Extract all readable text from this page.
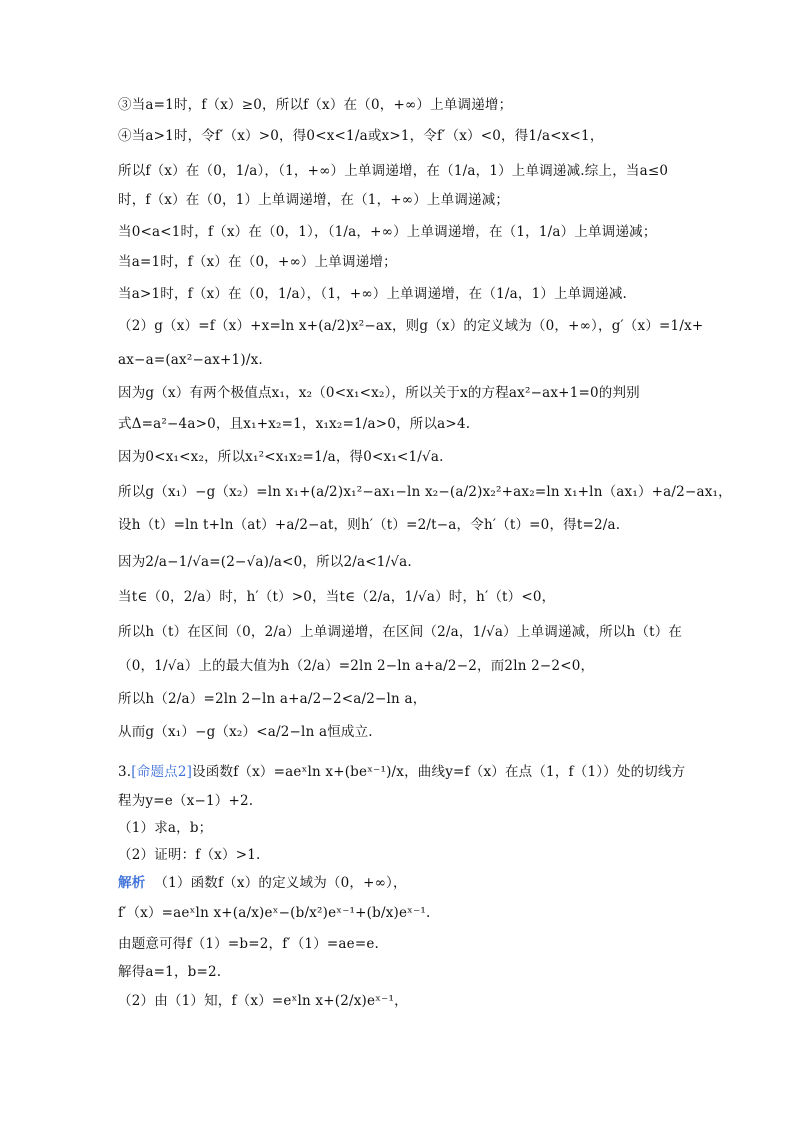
③当a=1时，f（x）≥0，所以f（x）在（0，+∞）上单调递增；
④当a>1时，令f′（x）>0，得0<x<1/a或x>1，令f′（x）<0，得1/a<x<1，
所以f（x）在（0，1/a），（1，+∞）上单调递增，在（1/a，1）上单调递减.综上，当a≤0
时，f（x）在（0，1）上单调递增，在（1，+∞）上单调递减；
当0<a<1时，f（x）在（0，1），（1/a，+∞）上单调递增，在（1，1/a）上单调递减；
当a=1时，f（x）在（0，+∞）上单调递增；
当a>1时，f（x）在（0，1/a），（1，+∞）上单调递增，在（1/a，1）上单调递减.
（2）g（x）=f（x）+x=ln x+(a/2)x²−ax，则g（x）的定义域为（0，+∞），g′（x）=1/x+
ax−a=(ax²−ax+1)/x.
因为g（x）有两个极值点x₁，x₂（0<x₁<x₂），所以关于x的方程ax²−ax+1=0的判别
式Δ=a²−4a>0，且x₁+x₂=1，x₁x₂=1/a>0，所以a>4.
因为0<x₁<x₂，所以x₁²<x₁x₂=1/a，得0<x₁<1/√a.
所以g（x₁）−g（x₂）=ln x₁+(a/2)x₁²−ax₁−ln x₂−(a/2)x₂²+ax₂=ln x₁+ln（ax₁）+a/2−ax₁，
设h（t）=ln t+ln（at）+a/2−at，则h′（t）=2/t−a，令h′（t）=0，得t=2/a.
因为2/a−1/√a=(2−√a)/a<0，所以2/a<1/√a.
当t∈（0，2/a）时，h′（t）>0，当t∈（2/a，1/√a）时，h′（t）<0，
所以h（t）在区间（0，2/a）上单调递增，在区间（2/a，1/√a）上单调递减，所以h（t）在
（0，1/√a）上的最大值为h（2/a）=2ln 2−ln a+a/2−2，而2ln 2−2<0，
所以h（2/a）=2ln 2−ln a+a/2−2<a/2−ln a，
从而g（x₁）−g（x₂）<a/2−ln a恒成立.
3.[命题点2]设函数f（x）=aeˣln x+(beˣ⁻¹)/x，曲线y=f（x）在点（1，f（1））处的切线方
程为y=e（x−1）+2.
（1）求a，b；
（2）证明：f（x）>1.
解析 （1）函数f（x）的定义域为（0，+∞），
f′（x）=aeˣln x+(a/x)eˣ−(b/x²)eˣ⁻¹+(b/x)eˣ⁻¹.
由题意可得f（1）=b=2，f′（1）=ae=e.
解得a=1，b=2.
（2）由（1）知，f（x）=eˣln x+(2/x)eˣ⁻¹，
